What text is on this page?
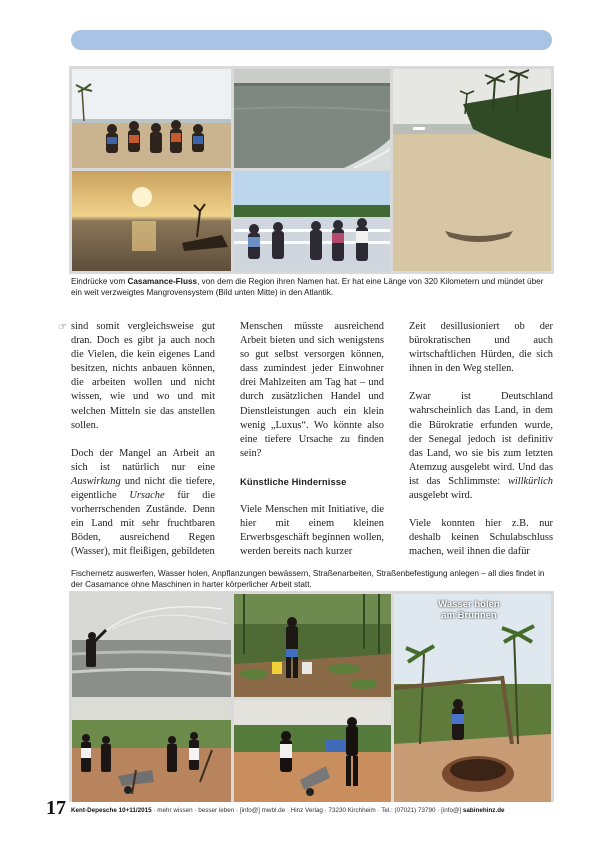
Eindrücke vom Casamance-Fluss, von dem die Region ihren Namen hat. Er hat eine Länge von 320 Kilometern und mündet über ein weit verzweigtes Mangrovensystem (Bild unten Mitte) in den Atlantik.
☞ sind somit vergleichsweise gut dran. Doch es gibt ja auch noch die Vielen, die kein eigenes Land besitzen, nichts anbauen können, die arbeiten wollen und nicht wissen, wie und wo und mit welchen Mitteln sie das anstellen sollen.

Doch der Mangel an Arbeit an sich ist natürlich nur eine Auswirkung und nicht die tiefere, eigentliche Ursache für die vorherrschenden Zustände. Denn ein Land mit sehr fruchtbaren Böden, ausreichend Regen (Wasser), mit fleißigen, gebildeten

Menschen müsste ausreichend Arbeit bieten und sich wenigstens so gut selbst versorgen können, dass zumindest jeder Einwohner drei Mahlzeiten am Tag hat – und durch zusätzlichen Handel und Dienstleistungen auch ein klein wenig „Luxus“. Wo könnte also eine tiefere Ursache zu finden sein?

Künstliche Hindernisse

Viele Menschen mit Initiative, die hier mit einem kleinen Erwerbsgeschäft beginnen wollen, werden bereits nach kurzer

Zeit desillusioniert ob der bürokratischen und auch wirtschaftlichen Hürden, die sich ihnen in den Weg stellen.

Zwar ist Deutschland wahrscheinlich das Land, in dem die Bürokratie erfunden wurde, der Senegal jedoch ist definitiv das Land, wo sie bis zum letzten Atemzug ausgelebt wird. Und das ist das Schlimmste: willkürlich ausgelebt wird.

Viele konnten hier z.B. nur deshalb keinen Schulabschluss machen, weil ihnen die dafür

Fischernetz auswerfen, Wasser holen, Anpflanzungen bewässern, Straßenarbeiten, Straßenbefestigung anlegen – all dies findet in der Casamance ohne Maschinen in harter körperlicher Arbeit statt.
Wasser holen am Brunnen
17 Kent-Depesche 10+11/2015 · mehr wissen · besser leben · [info@] mwbl.de · Hinz Verlag · 73230 Kirchheim · Tel.: (07021) 73790 · [info@] sabinehinz.de
